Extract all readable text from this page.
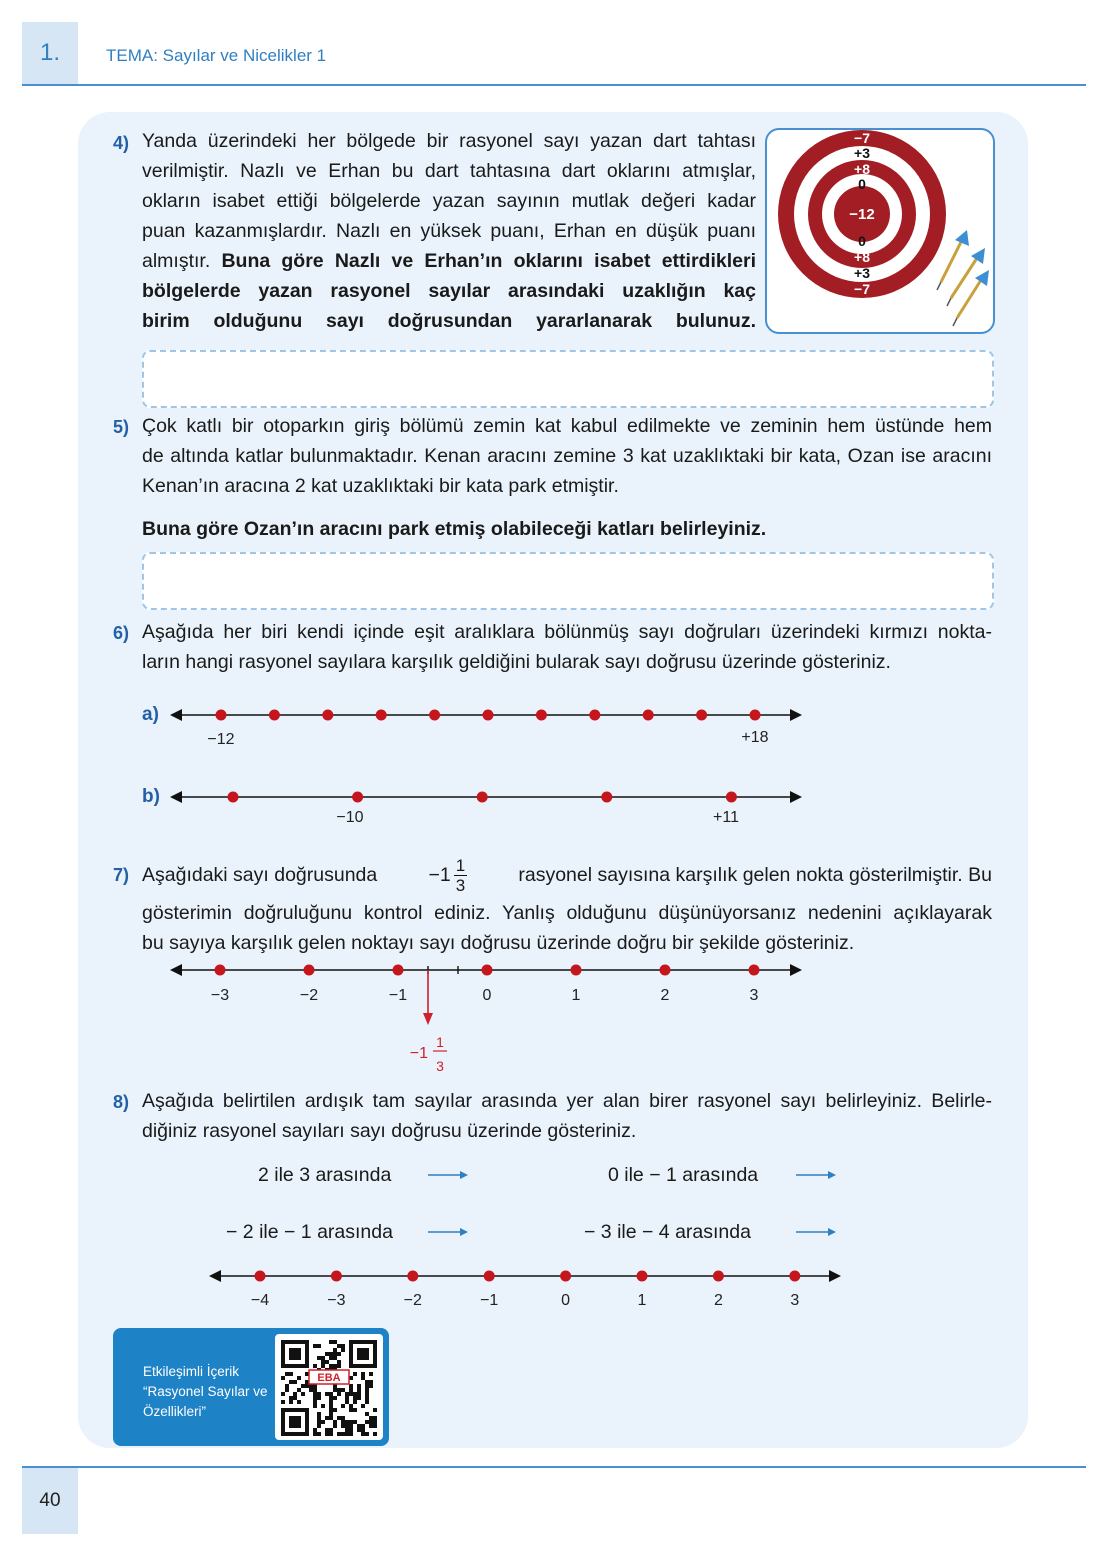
1.	TEMA: Sayılar ve Nicelikler 1
4) Yanda üzerindeki her bölgede bir rasyonel sayı yazan dart tahtası
verilmiştir. Nazlı ve Erhan bu dart tahtasına dart oklarını atmışlar,
okların isabet ettiği bölgelerde yazan sayının mutlak değeri kadar
puan kazanmışlardır. Nazlı en yüksek puanı, Erhan en düşük puanı
almıştır. Buna göre Nazlı ve Erhan’ın oklarını isabet ettirdikleri
bölgelerde yazan rasyonel sayılar arasındaki uzaklığın kaç
birim olduğunu sayı doğrusundan yararlanarak bulunuz.
−7
+3
+8
0
−12
0
+8
+3
−7
5) Çok katlı bir otoparkın giriş bölümü zemin kat kabul edilmekte ve zeminin hem üstünde hem
de altında katlar bulunmaktadır. Kenan aracını zemine 3 kat uzaklıktaki bir kata, Ozan ise aracını
Kenan’ın aracına 2 kat uzaklıktaki bir kata park etmiştir.
Buna göre Ozan’ın aracını park etmiş olabileceği katları belirleyiniz.
6) Aşağıda her biri kendi içinde eşit aralıklara bölünmüş sayı doğruları üzerindeki kırmızı nokta-
ların hangi rasyonel sayılara karşılık geldiğini bularak sayı doğrusu üzerinde gösteriniz.
a)
−12	+18
b)
−10	+11
7) Aşağıdaki sayı doğrusunda	$-1 \frac{1}{3}$	rasyonel sayısına karşılık gelen nokta gösterilmiştir. Bu
gösterimin doğruluğunu kontrol ediniz. Yanlış olduğunu düşünüyorsanız nedenini açıklayarak
bu sayıya karşılık gelen noktayı sayı doğrusu üzerinde doğru bir şekilde gösteriniz.
−1
1
3
−3	−2	−1	0	1	2	3
8) Aşağıda belirtilen ardışık tam sayılar arasında yer alan birer rasyonel sayı belirleyiniz. Belirle-
diğiniz rasyonel sayıları sayı doğrusu üzerinde gösteriniz.
2 ile 3 arasında	0 ile − 1 arasında
− 2 ile − 1 arasında	− 3 ile − 4 arasında
−4	−3	−2	−1	0	1	2	3
Etkileşimli İçerik
“Rasyonel Sayılar ve
Özellikleri”
EBA
40
